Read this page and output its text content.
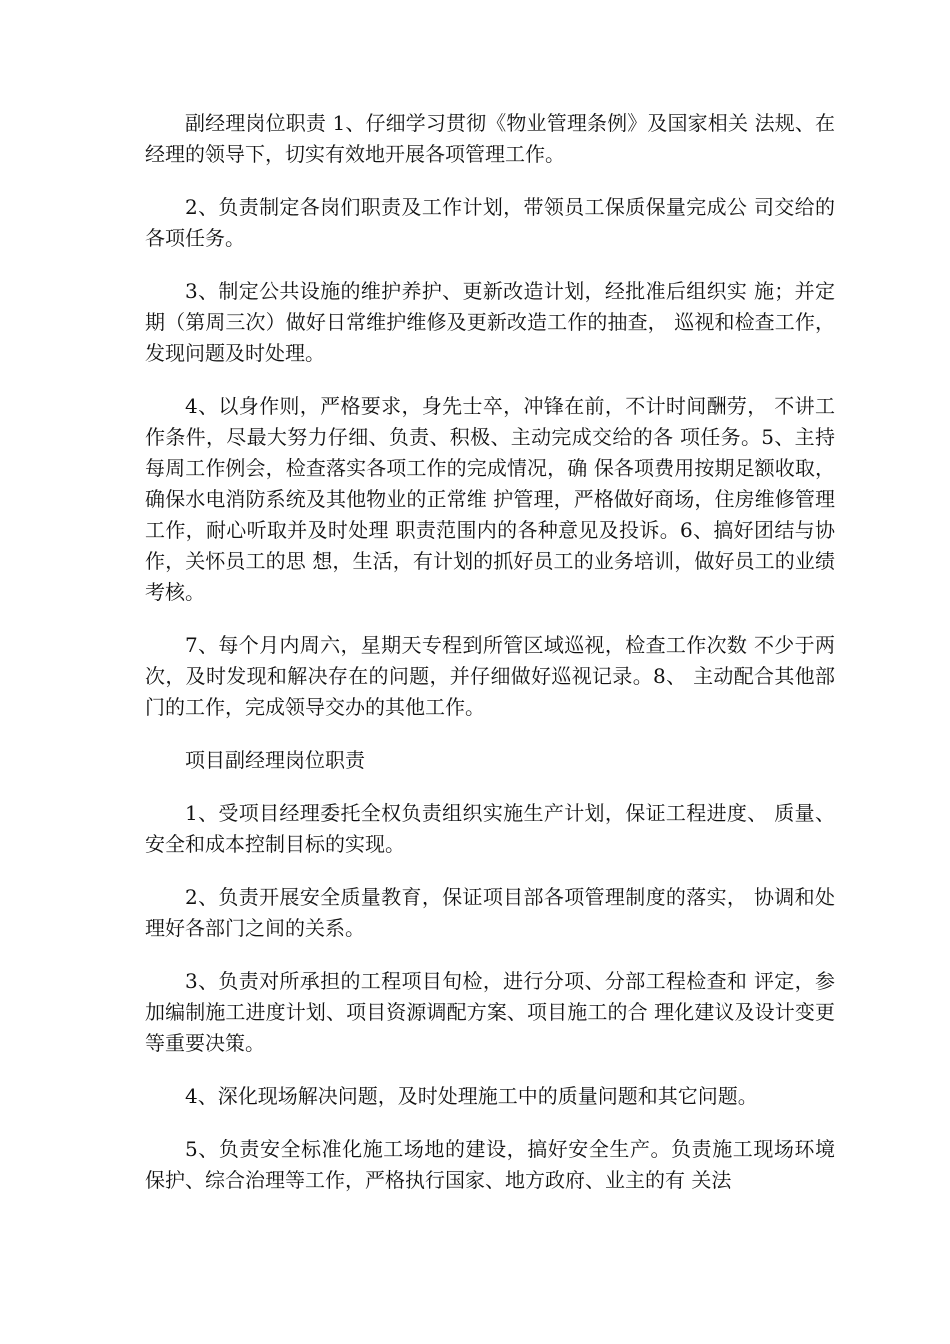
副经理岗位职责 1、仔细学习贯彻《物业管理条例》及国家相关 法规、在经理的领导下，切实有效地开展各项管理工作。

2、负责制定各岗们职责及工作计划，带领员工保质保量完成公 司交给的各项任务。

3、制定公共设施的维护养护、更新改造计划，经批准后组织实 施；并定期（第周三次）做好日常维护维修及更新改造工作的抽查， 巡视和检查工作，发现问题及时处理。

4、以身作则，严格要求，身先士卒，冲锋在前，不计时间酬劳， 不讲工作条件，尽最大努力仔细、负责、积极、主动完成交给的各 项任务。5、主持每周工作例会，检查落实各项工作的完成情况，确 保各项费用按期足额收取，确保水电消防系统及其他物业的正常维 护管理，严格做好商场，住房维修管理工作，耐心听取并及时处理 职责范围内的各种意见及投诉。6、搞好团结与协作，关怀员工的思 想，生活，有计划的抓好员工的业务培训，做好员工的业绩考核。

7、每个月内周六，星期天专程到所管区域巡视，检查工作次数 不少于两次，及时发现和解决存在的问题，并仔细做好巡视记录。8、 主动配合其他部门的工作，完成领导交办的其他工作。

项目副经理岗位职责

1、受项目经理委托全权负责组织实施生产计划，保证工程进度、 质量、安全和成本控制目标的实现。

2、负责开展安全质量教育，保证项目部各项管理制度的落实， 协调和处理好各部门之间的关系。

3、负责对所承担的工程项目旬检，进行分项、分部工程检查和 评定，参加编制施工进度计划、项目资源调配方案、项目施工的合 理化建议及设计变更等重要决策。

4、深化现场解决问题，及时处理施工中的质量问题和其它问题。

5、负责安全标准化施工场地的建设，搞好安全生产。负责施工现场环境保护、综合治理等工作，严格执行国家、地方政府、业主的有 关法
